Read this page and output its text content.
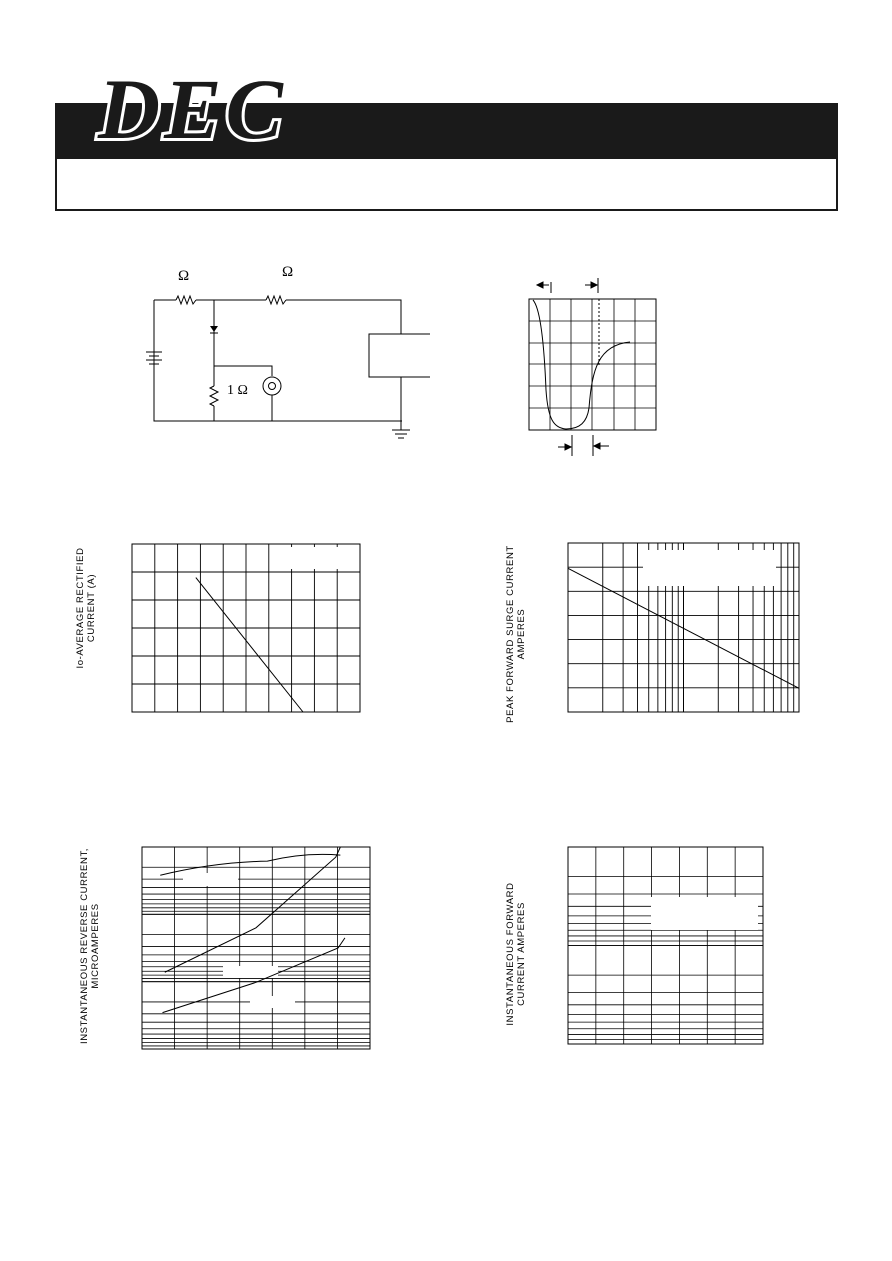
DEC
Ω	Ω
1 Ω
Io-AVERAGE RECTIFIED CURRENT (A)	PEAK FORWARD SURGE CURRENT AMPERES
INSTANTANEOUS REVERSE CURRENT, MICROAMPERES	INSTANTANEOUS FORWARD CURRENT AMPERES
